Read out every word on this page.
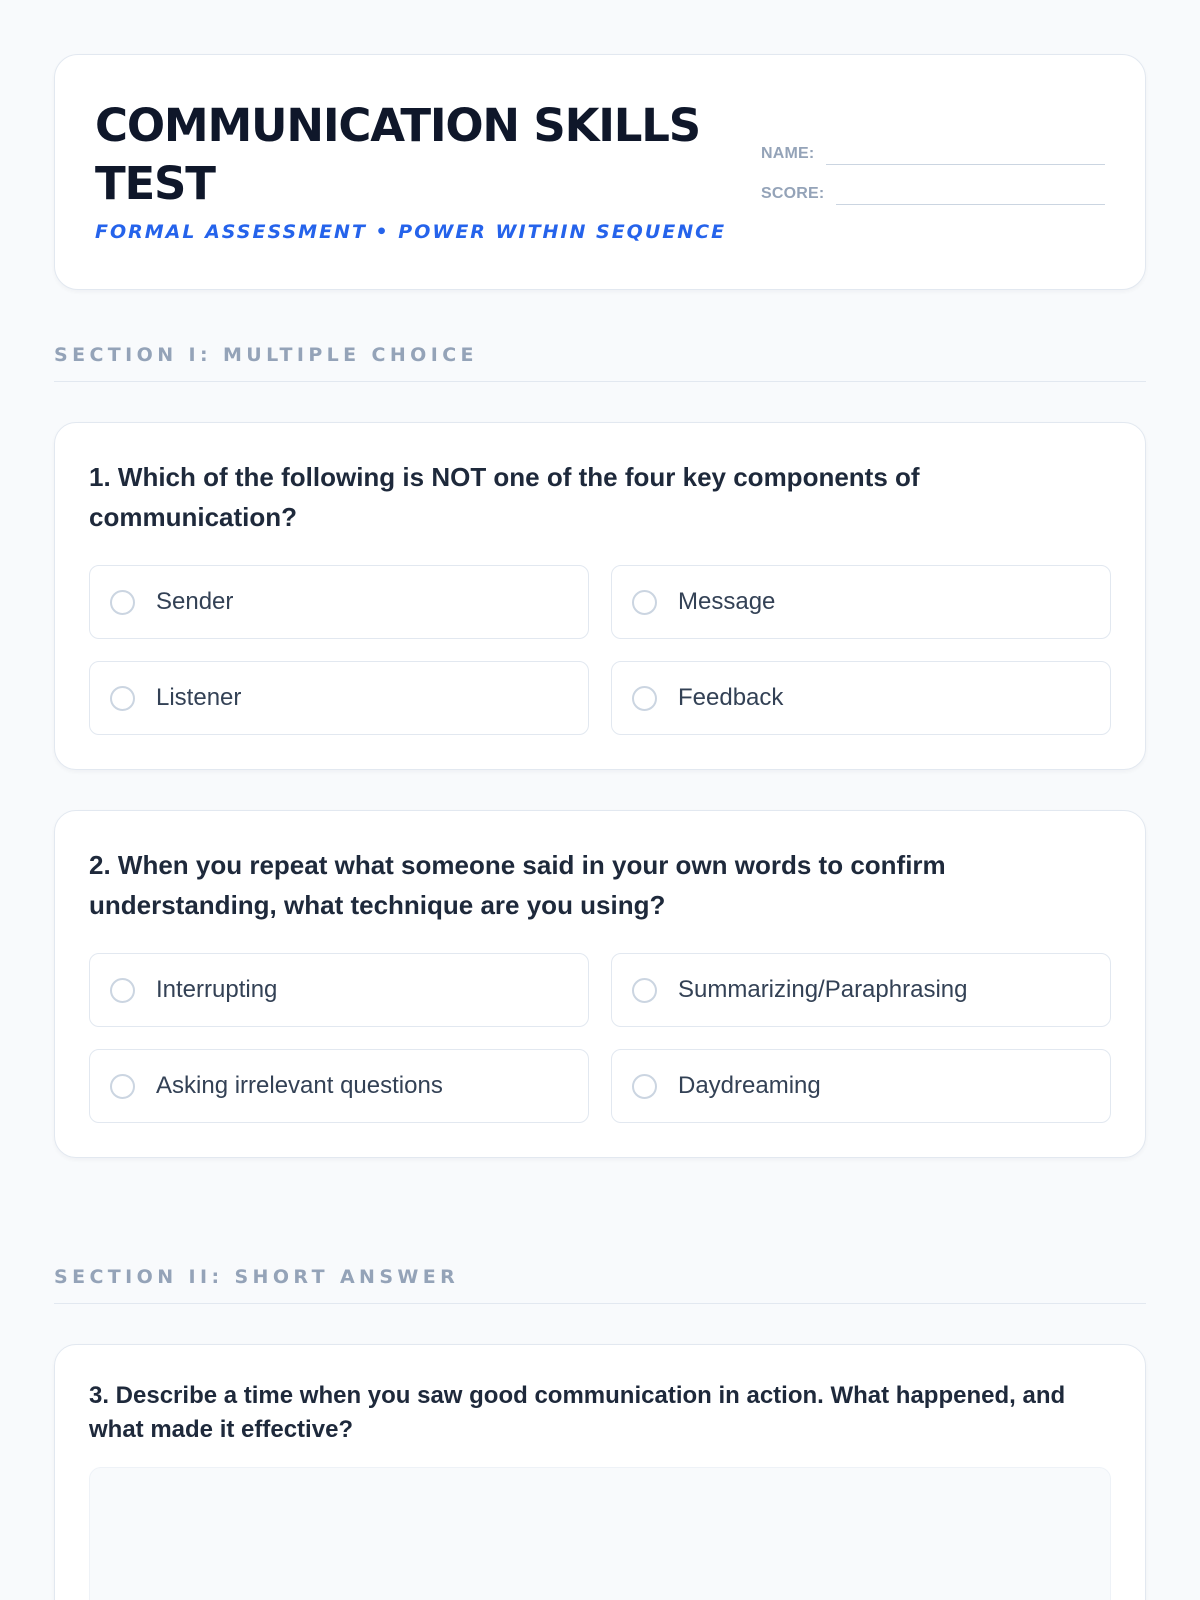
COMMUNICATION SKILLS TEST
FORMAL ASSESSMENT • POWER WITHIN SEQUENCE
NAME:
SCORE:
SECTION I: MULTIPLE CHOICE
1. Which of the following is NOT one of the four key components of communication?
Sender	Message
Listener	Feedback
2. When you repeat what someone said in your own words to confirm understanding, what technique are you using?
Interrupting	Summarizing/Paraphrasing
Asking irrelevant questions	Daydreaming
SECTION II: SHORT ANSWER
3. Describe a time when you saw good communication in action. What happened, and what made it effective?
